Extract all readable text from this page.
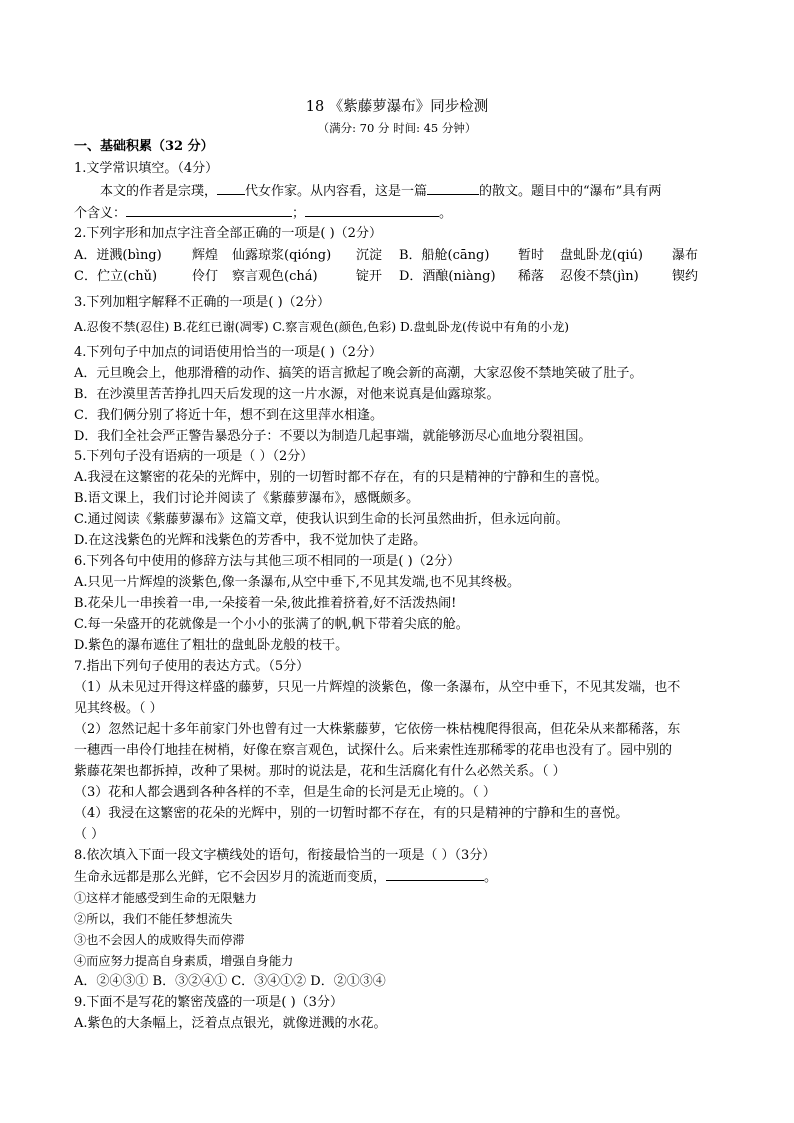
18 《紫藤萝瀑布》同步检测
（满分: 70 分 时间: 45 分钟）
一、基础积累（32 分）
1.文学常识填空。（4分）
本文的作者是宗璞， 代女作家。从内容看，这是一篇	的散文。题目中的“瀑布”具有两
个含义：	；	。
2.下列字形和加点字注音全部正确的一项是( )（2分）
A．迸溅(bìng) 辉煌 仙露琼浆(qióng) 沉淀 B．船舱(cāng) 暂时 盘虬卧龙(qiú) 瀑布
C．伫立(chǔ)	伶仃 察言观色(chá)	锭开 D．酒酿(niàng) 稀落 忍俊不禁(jìn)	锲约
3.下列加粗字解释不正确的一项是( )（2分）
A.忍俊不禁(忍住) B.花红已谢(凋零) C.察言观色(颜色,色彩) D.盘虬卧龙(传说中有角的小龙)
4.下列句子中加点的词语使用恰当的一项是( )（2分）
A．元旦晚会上，他那滑稽的动作、搞笑的语言掀起了晚会新的高潮，大家忍俊不禁地笑破了肚子。
B．在沙漠里苦苦挣扎四天后发现的这一片水源，对他来说真是仙露琼浆。
C．我们俩分别了将近十年，想不到在这里萍水相逢。
D．我们全社会严正警告暴恐分子：不要以为制造几起事端，就能够沥尽心血地分裂祖国。
5.下列句子没有语病的一项是（ ）（2分）
A.我浸在这繁密的花朵的光辉中，别的一切暂时都不存在，有的只是精神的宁静和生的喜悦。
B.语文课上，我们讨论并阅读了《紫藤萝瀑布》，感慨颇多。
C.通过阅读《紫藤萝瀑布》这篇文章，使我认识到生命的长河虽然曲折，但永远向前。
D.在这浅紫色的光辉和浅紫色的芳香中，我不觉加快了走路。
6.下列各句中使用的修辞方法与其他三项不相同的一项是( )（2分）
A.只见一片辉煌的淡紫色,像一条瀑布,从空中垂下,不见其发端,也不见其终极。
B.花朵儿一串挨着一串,一朵接着一朵,彼此推着挤着,好不活泼热闹!
C.每一朵盛开的花就像是一个小小的张满了的帆,帆下带着尖底的舱。
D.紫色的瀑布遮住了粗壮的盘虬卧龙般的枝干。
7.指出下列句子使用的表达方式。（5分）
（1）从未见过开得这样盛的藤萝，只见一片辉煌的淡紫色，像一条瀑布，从空中垂下，不见其发端，也不
见其终极。（ ）
（2）忽然记起十多年前家门外也曾有过一大株紫藤萝，它依傍一株枯槐爬得很高，但花朵从来都稀落，东
一穗西一串伶仃地挂在树梢，好像在察言观色，试探什么。后来索性连那稀零的花串也没有了。园中别的
紫藤花架也都拆掉，改种了果树。那时的说法是，花和生活腐化有什么必然关系。（ ）
（3）花和人都会遇到各种各样的不幸，但是生命的长河是无止境的。（ ）
（4）我浸在这繁密的花朵的光辉中，别的一切暂时都不存在，有的只是精神的宁静和生的喜悦。
（ ）
8.依次填入下面一段文字横线处的语句，衔接最恰当的一项是（ ）（3分）
生命永远都是那么光鲜，它不会因岁月的流逝而变质，	。
①这样才能感受到生命的无限魅力
②所以，我们不能任梦想流失
③也不会因人的成败得失而停滞
④而应努力提高自身素质，增强自身能力
A．②④③① B．③②④① C．③④①② D．②①③④
9.下面不是写花的繁密茂盛的一项是( )（3分）
A.紫色的大条幅上，泛着点点银光，就像迸溅的水花。
